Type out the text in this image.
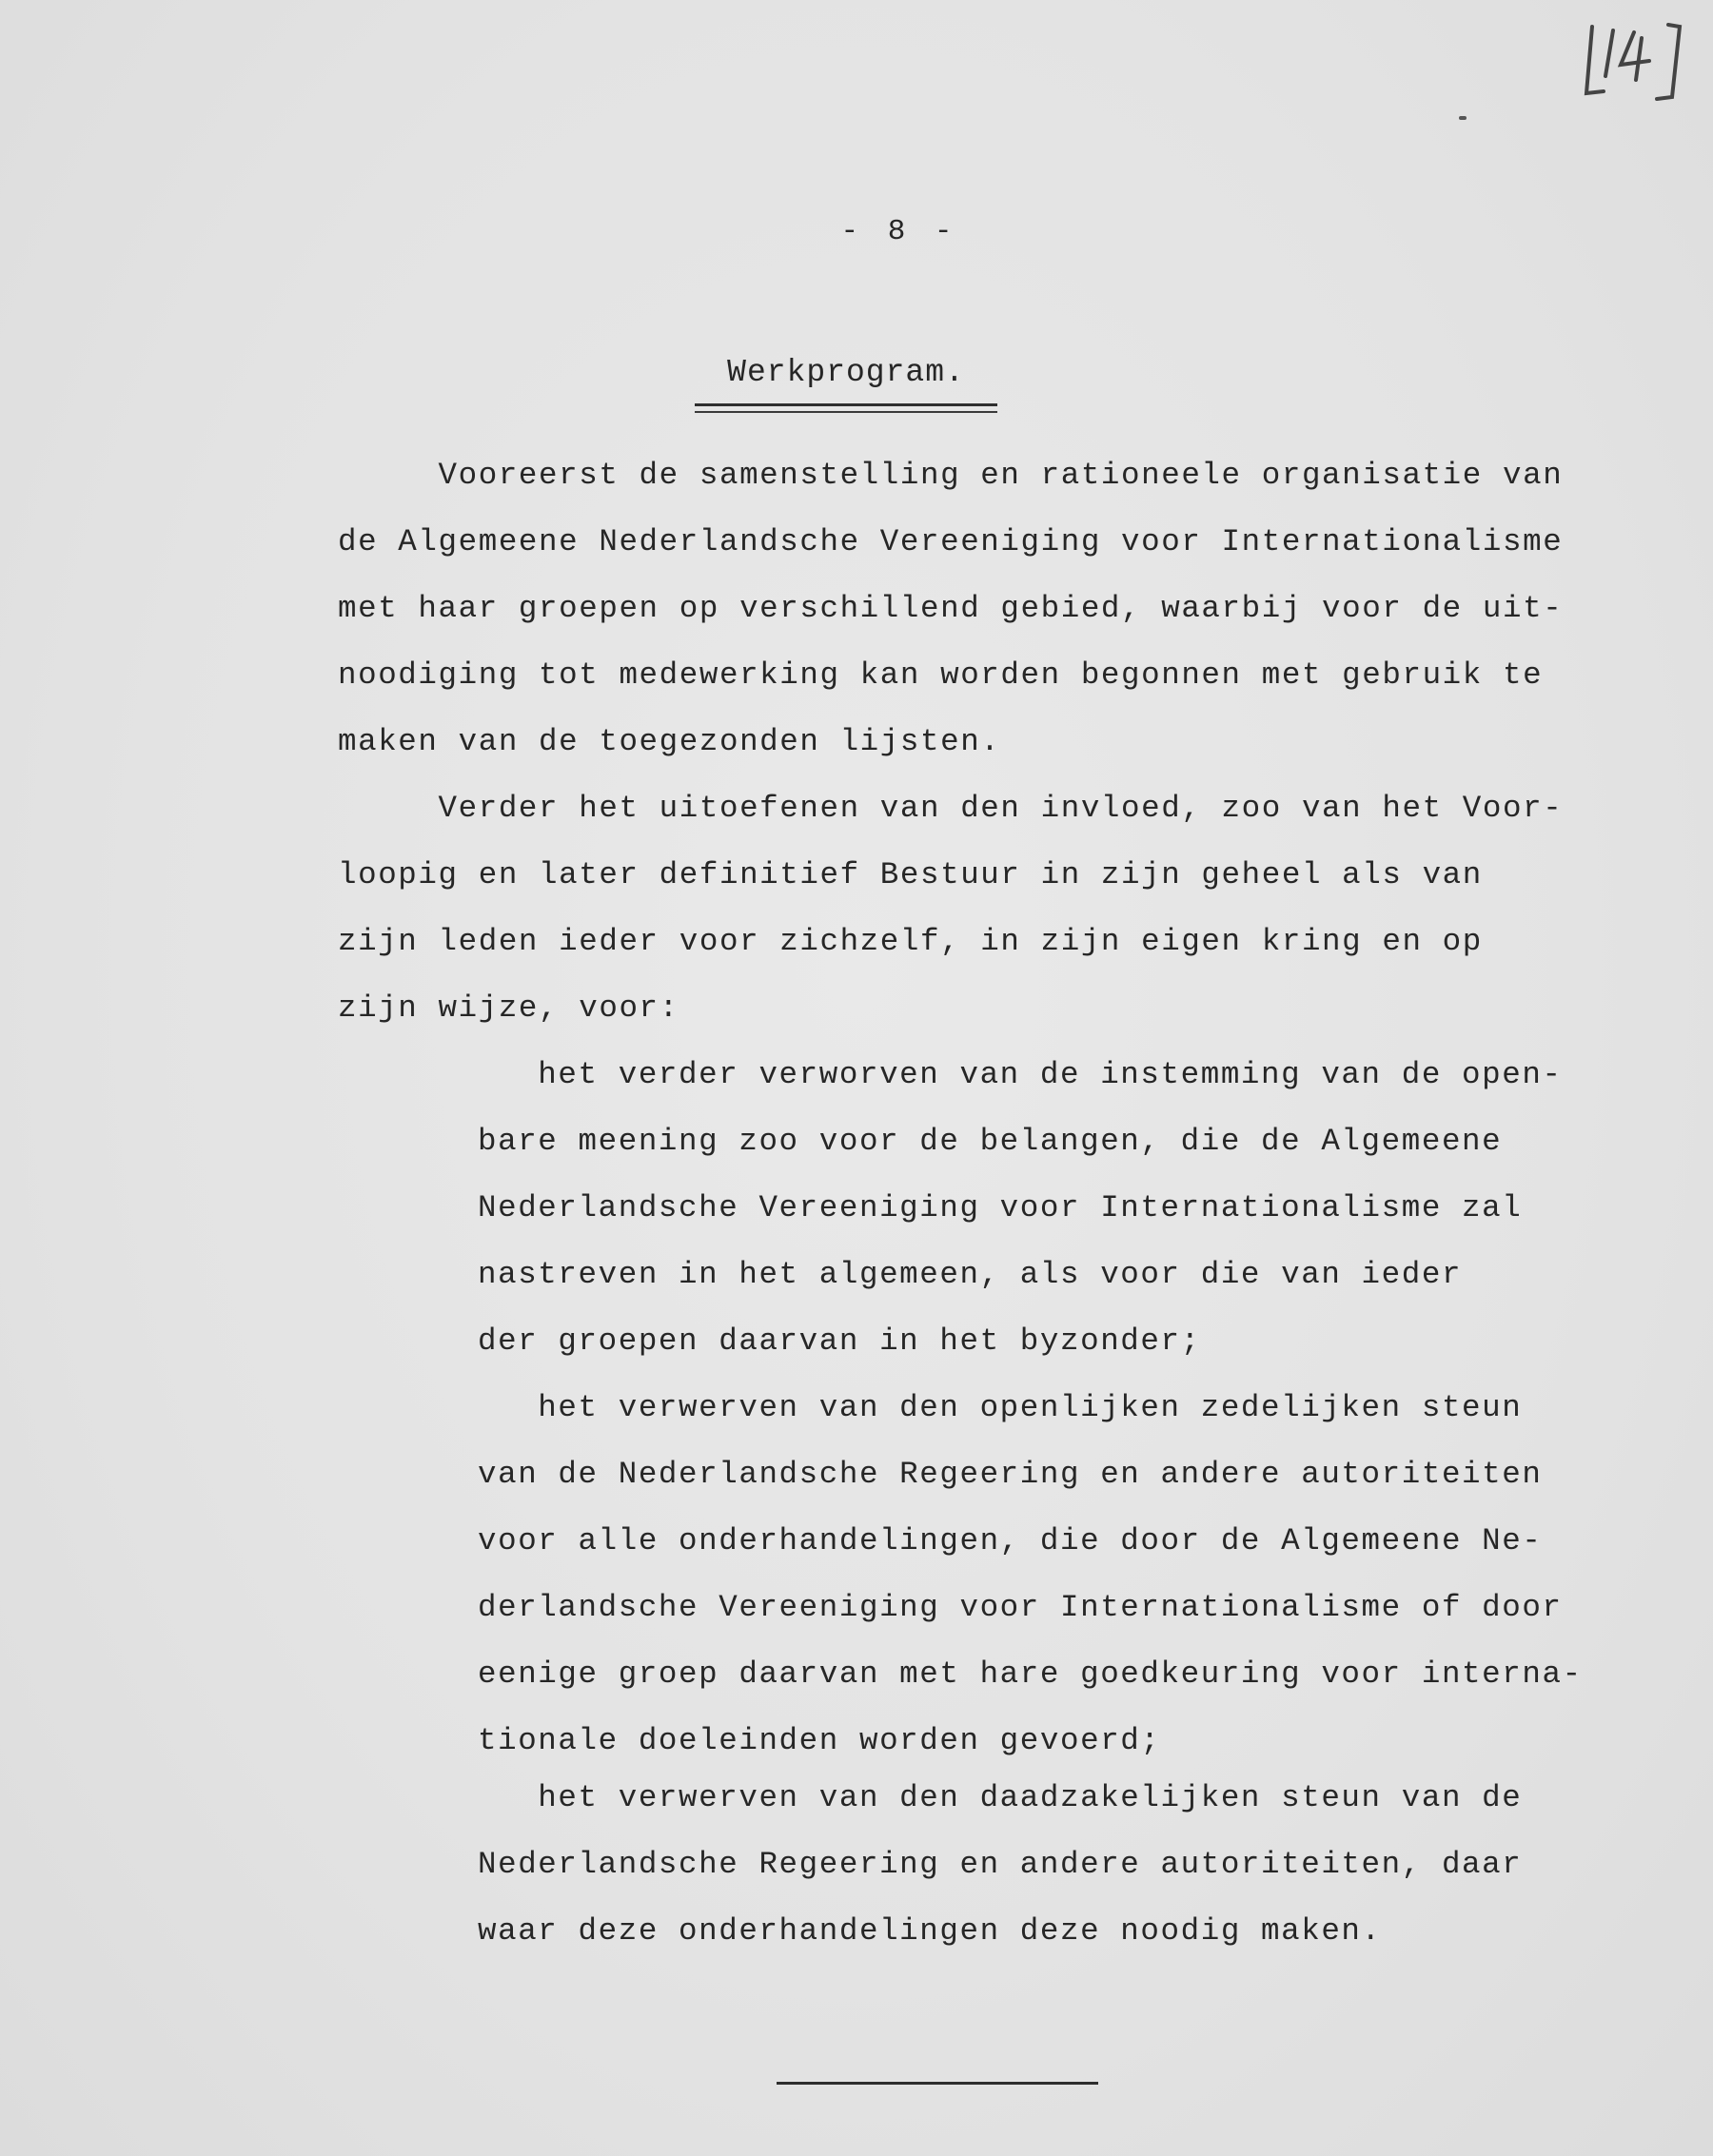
- 8 -
Werkprogram.

Vooreerst de samenstelling en rationeele organisatie van
de Algemeene Nederlandsche Vereeniging voor Internationalisme
met haar groepen op verschillend gebied, waarbij voor de uit-
noodiging tot medewerking kan worden begonnen met gebruik te
maken van de toegezonden lijsten.

Verder het uitoefenen van den invloed, zoo van het Voor-
loopig en later definitief Bestuur in zijn geheel als van
zijn leden ieder voor zichzelf, in zijn eigen kring en op
zijn wijze, voor:

het verder verworven van de instemming van de open-
bare meening zoo voor de belangen, die de Algemeene
Nederlandsche Vereeniging voor Internationalisme zal
nastreven in het algemeen, als voor die van ieder
der groepen daarvan in het byzonder;

het verwerven van den openlijken zedelijken steun
van de Nederlandsche Regeering en andere autoriteiten
voor alle onderhandelingen, die door de Algemeene Ne-
derlandsche Vereeniging voor Internationalisme of door
eenige groep daarvan met hare goedkeuring voor interna-
tionale doeleinden worden gevoerd;

het verwerven van den daadzakelijken steun van de
Nederlandsche Regeering en andere autoriteiten, daar
waar deze onderhandelingen deze noodig maken.
